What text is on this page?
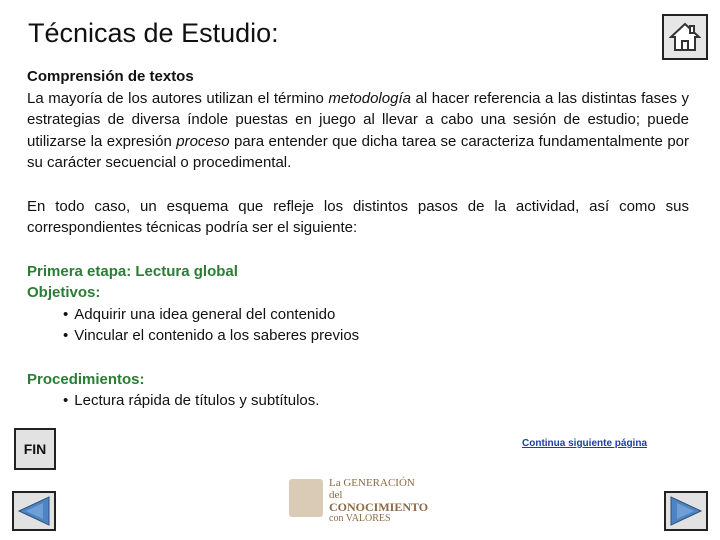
Técnicas de Estudio:

Comprensión de textos

La mayoría de los autores utilizan el término metodología al hacer referencia a las distintas fases y estrategias de diversa índole puestas en juego al llevar a cabo una sesión de estudio; puede utilizarse la expresión proceso para entender que dicha tarea se caracteriza fundamentalmente por su carácter secuencial o procedimental.

En todo caso, un esquema que refleje los distintos pasos de la actividad, así como sus correspondientes técnicas podría ser el siguiente:

Primera etapa: Lectura global

Objetivos:

• Adquirir una idea general del contenido

• Vincular el contenido a los saberes previos

Procedimientos:

• Lectura rápida de títulos y subtítulos.

FIN	Continua siguiente página
La GENERACIÓN del
CONOCIMIENTO
con VALORES
